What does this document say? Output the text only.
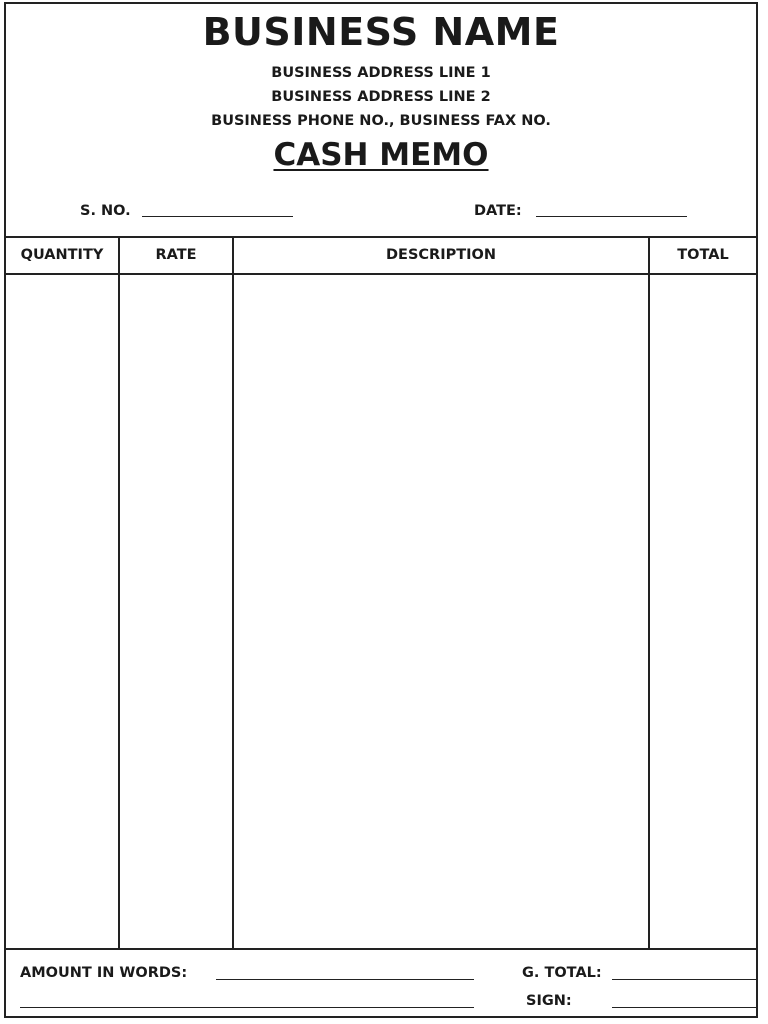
BUSINESS NAME
BUSINESS ADDRESS LINE 1
BUSINESS ADDRESS LINE 2
BUSINESS PHONE NO., BUSINESS FAX NO.
CASH MEMO
S. NO.	DATE:
QUANTITY	RATE	DESCRIPTION	TOTAL
AMOUNT IN WORDS:	G. TOTAL:
SIGN:
